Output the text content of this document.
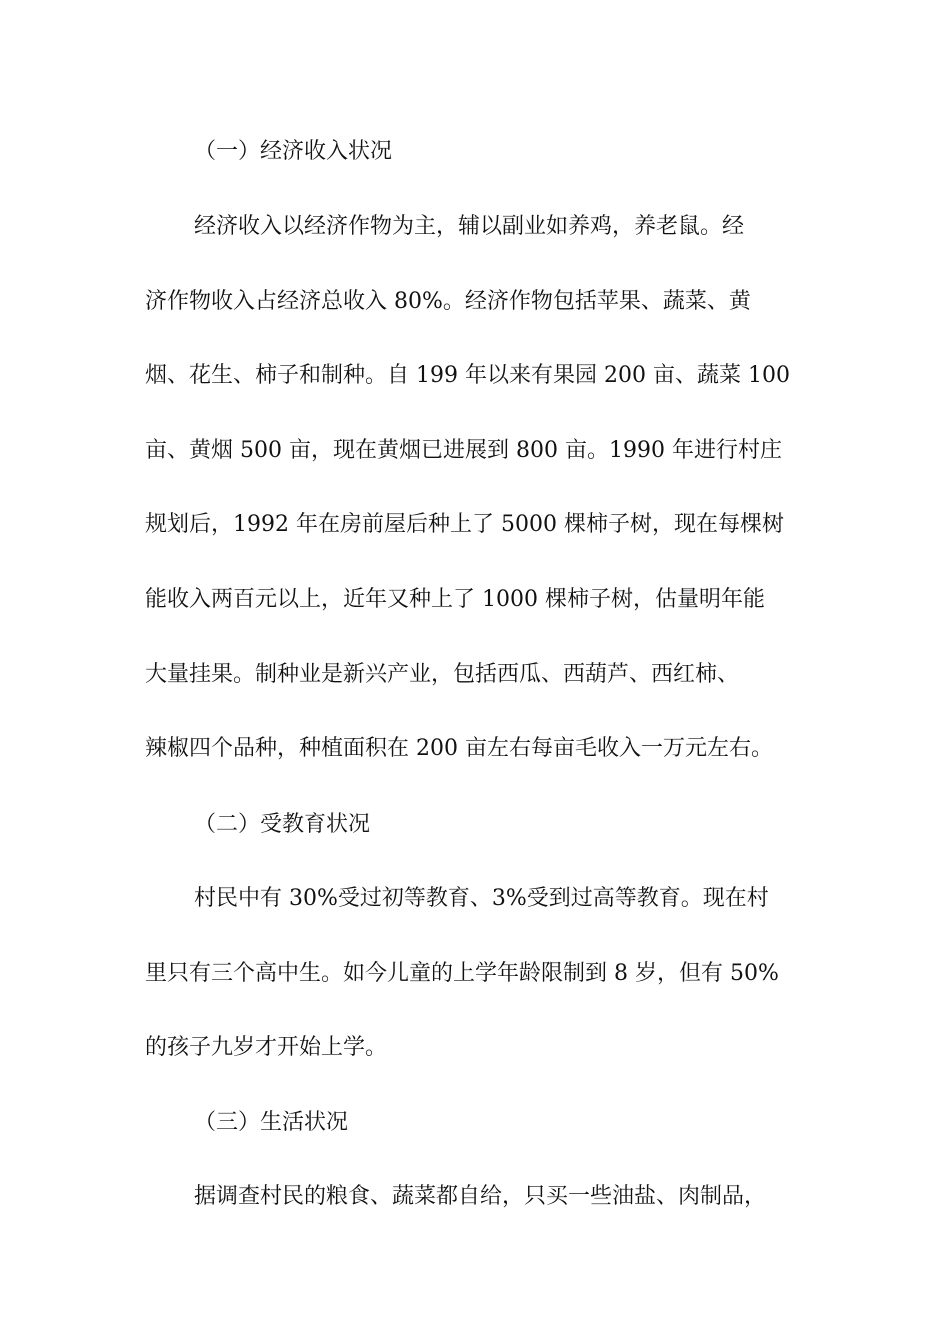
（一）经济收入状况
经济收入以经济作物为主，辅以副业如养鸡，养老鼠。经
济作物收入占经济总收入 80%。经济作物包括苹果、蔬菜、黄
烟、花生、柿子和制种。自 199 年以来有果园 200 亩、蔬菜 100
亩、黄烟 500 亩，现在黄烟已进展到 800 亩。1990 年进行村庄
规划后，1992 年在房前屋后种上了 5000 棵柿子树，现在每棵树
能收入两百元以上，近年又种上了 1000 棵柿子树，估量明年能
大量挂果。制种业是新兴产业，包括西瓜、西葫芦、西红柿、
辣椒四个品种，种植面积在 200 亩左右每亩毛收入一万元左右。
（二）受教育状况
村民中有 30%受过初等教育、3%受到过高等教育。现在村
里只有三个高中生。如今儿童的上学年龄限制到 8 岁，但有 50%
的孩子九岁才开始上学。
（三）生活状况
据调查村民的粮食、蔬菜都自给，只买一些油盐、肉制品，
